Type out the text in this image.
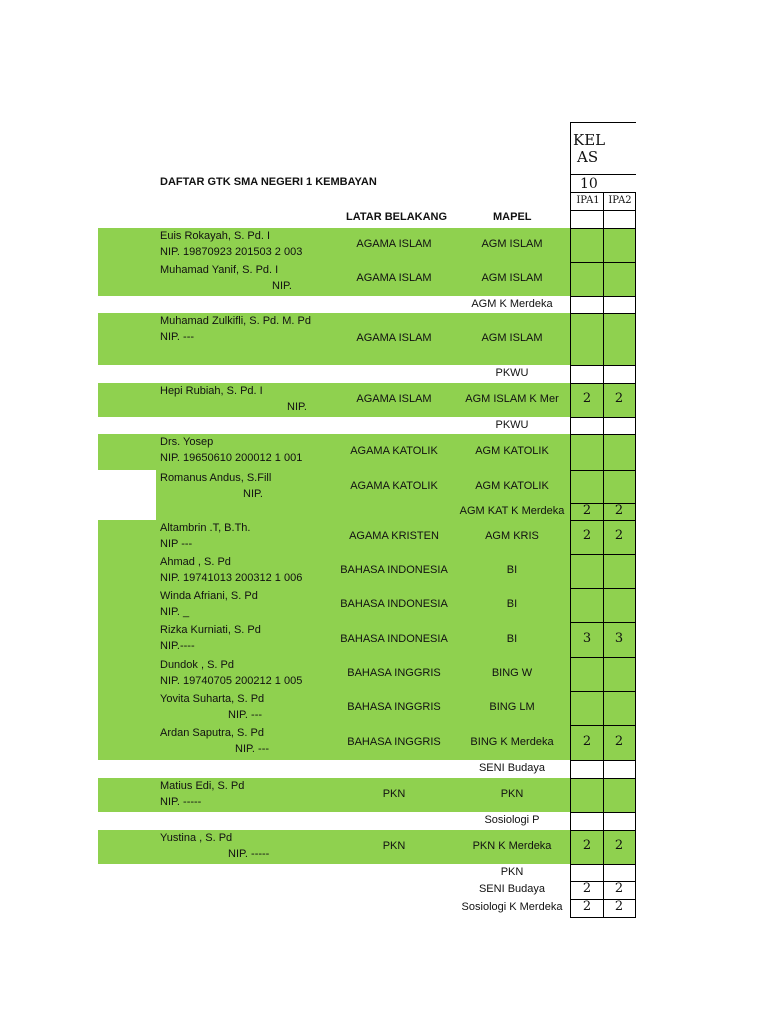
DAFTAR GTK SMA NEGERI 1 KEMBAYAN
LATAR BELAKANG	MAPEL
KEL
AS
10
IPA1 IPA2
Euis Rokayah, S. Pd. I
NIP. 19870923 201503 2 003
AGAMA ISLAM	AGM ISLAM
Muhamad Yanif, S. Pd. I
NIP.
AGAMA ISLAM	AGM ISLAM
AGM K Merdeka
Muhamad Zulkifli, S. Pd. M. Pd
NIP. ---	AGAMA ISLAM	AGM ISLAM
PKWU
Hepi Rubiah, S. Pd. I
NIP.
AGAMA ISLAM	AGM ISLAM K Mer	2	2
PKWU
Drs. Yosep
NIP. 19650610 200012 1 001
AGAMA KATOLIK	AGM KATOLIK
Romanus Andus, S.Fill
NIP.
AGAMA KATOLIK	AGM KATOLIK
AGM KAT K Merdeka	2	2
Altambrin .T, B.Th.
NIP ---
AGAMA KRISTEN	AGM KRIS	2	2
Ahmad , S. Pd
NIP. 19741013 200312 1 006
BAHASA INDONESIA	BI
Winda Afriani, S. Pd
NIP. _
BAHASA INDONESIA	BI
Rizka Kurniati, S. Pd
NIP.----
BAHASA INDONESIA	BI	3	3
Dundok , S. Pd
NIP. 19740705 200212 1 005
BAHASA INGGRIS	BING W
Yovita Suharta, S. Pd
NIP. ---
BAHASA INGGRIS	BING LM
Ardan Saputra, S. Pd
NIP. ---
BAHASA INGGRIS	BING K Merdeka	2	2
SENI Budaya
Matius Edi, S. Pd
NIP. -----
PKN	PKN
Sosiologi P
Yustina , S. Pd
NIP. -----
PKN	PKN K Merdeka	2	2
PKN
SENI Budaya	2	2
Sosiologi K Merdeka	2	2
